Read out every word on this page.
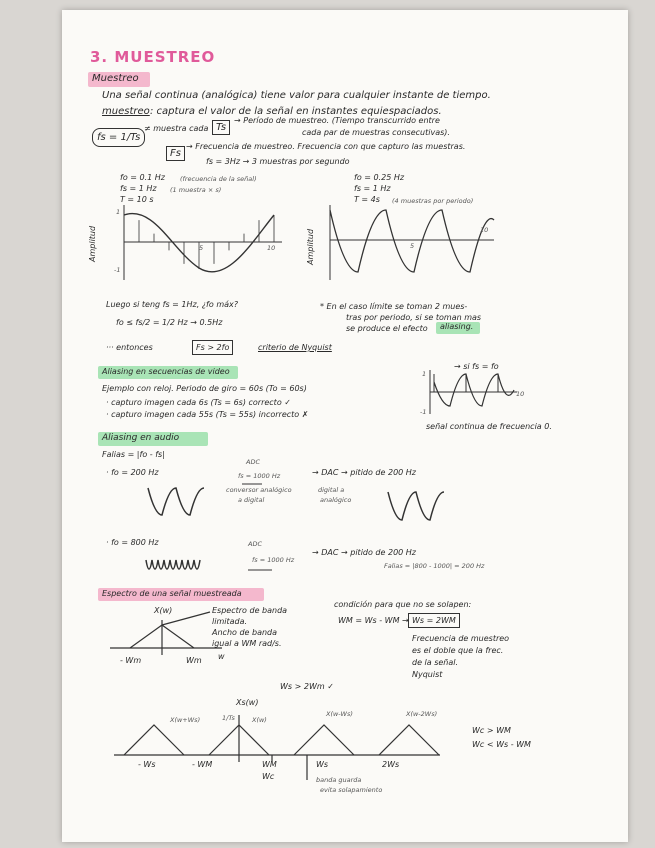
3. MUESTREO
Muestreo
Una señal continua (analógica) tiene valor para cualquier instante de tiempo.
muestreo : captura el valor de la señal en instantes equiespaciados.
fs = 1/Ts
≠ muestra cada Ts
→ Período de muestreo. (Tiempo transcurrido entre
cada par de muestras consecutivas).
Fs
→ Frecuencia de muestreo. Frecuencia con que capturo las muestras.
fs = 3Hz → 3 muestras por segundo
fo = 0.1 Hz (frecuencia de la señal)
fs = 1 Hz (1 muestra × s)
T = 10 s
Amplitud
1
-1
5	10
fo = 0.25 Hz
fs = 1 Hz
T = 4s (4 muestras por periodo)
Amplitud	5
10
Luego si teng fs = 1Hz, ¿fo máx?
fo ≤ fs/2 = 1/2 Hz → 0.5Hz
* En el caso límite se toman 2 mues-
tras por periodo, si se toman mas
se produce el efecto aliasing.
··· entonces	Fs > 2fo	criterio de Nyquist
Aliasing en secuencias de video
Ejemplo con reloj. Periodo de giro = 60s (To = 60s)
· capturo imagen cada 6s (Ts = 6s) correcto ✓
· capturo imagen cada 55s (Ts = 55s) incorrecto ✗
→ si fs = fo
1
-1
10
señal continua de frecuencia 0.
Aliasing en audio
Falias = |fo - fs|
ADC
· fo = 200 Hz	fs = 1000 Hz	→ DAC → pitido de 200 Hz
conversor analógico
a digital
digital a
analógico
ADC
· fo = 800 Hz
fs = 1000 Hz
→ DAC → pitido de 200 Hz
Falias = |800 - 1000| = 200 Hz
Espectro de una señal muestreada
X(w)	Espectro de banda
limitada.
Ancho de banda
igual a WM rad/s.
w
- Wm	Wm
condición para que no se solapen:
WM = Ws - WM → Ws = 2WM
Frecuencia de muestreo
es el doble que la frec.
de la señal.
Nyquist
Ws > 2Wm ✓
Xs(w)
1/Ts	X(w)
X(w+Ws)
X(w-Ws)	X(w-2Ws)
- Ws	- WM	WM	Ws	2Ws
Wc	banda guarda
evita solapamiento
Wc > WM
Wc < Ws - WM
